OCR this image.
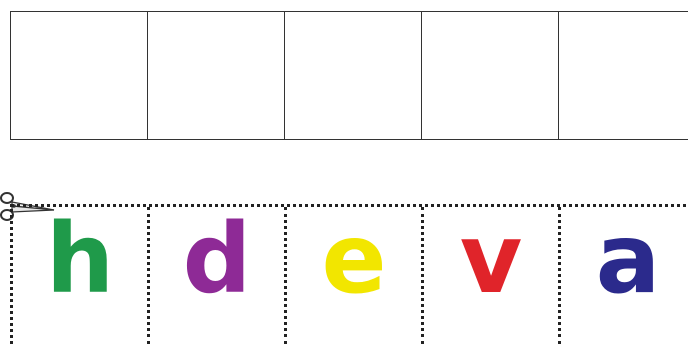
h d e v a
